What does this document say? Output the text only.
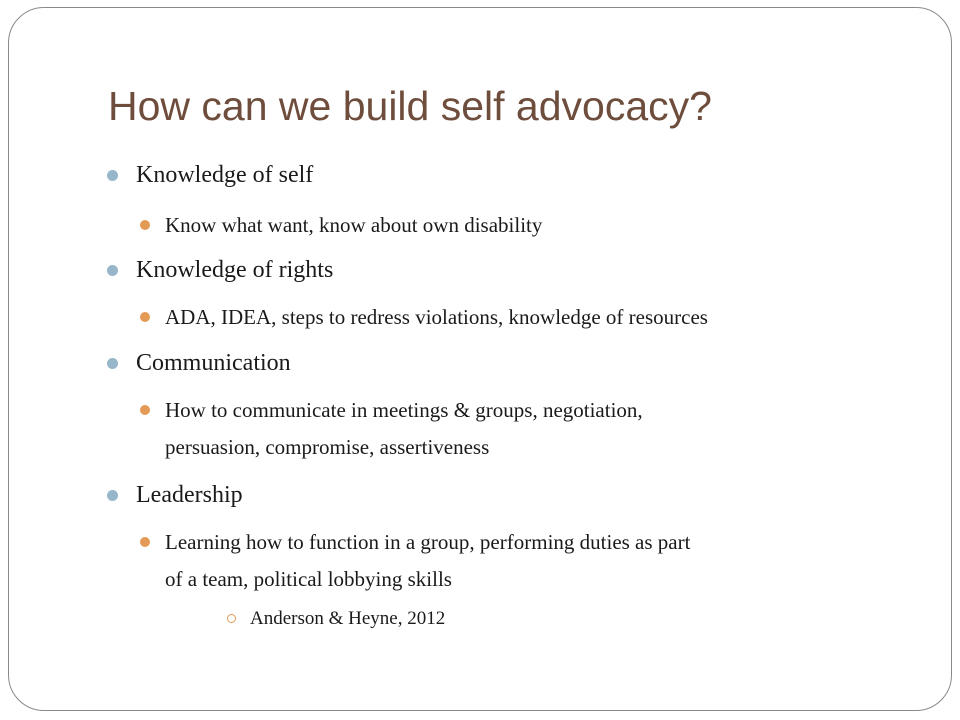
How can we build self advocacy?
Knowledge of self
Know what want, know about own disability
Knowledge of rights
ADA, IDEA, steps to redress violations, knowledge of resources
Communication
How to communicate in meetings & groups, negotiation,
persuasion, compromise, assertiveness
Leadership
Learning how to function in a group, performing duties as part
of a team, political lobbying skills
Anderson & Heyne, 2012
